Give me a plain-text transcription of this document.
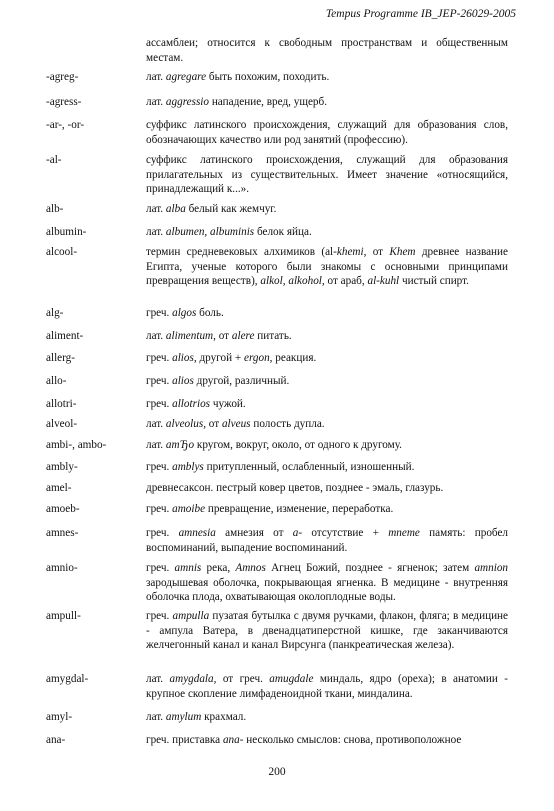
Tempus Programme IB_JEP-26029-2005
ассамблеи; относится к свободным пространствам и общественным местам.
-agreg-	лат. agregare быть похожим, походить.
-agress-	лат. aggressio нападение, вред, ущерб.
-ar-, -or-	суффикс латинского происхождения, служащий для образования слов, обозначающих качество или род занятий (профессию).
-al-	суффикс латинского происхождения, служащий для образования прилагательных из существительных. Имеет значение «относящийся, принадлежащий к...».
alb-	лат. alba белый как жемчуг.
albumin-	лат. albumen, albuminis белок яйца.
alcool-	термин средневековых алхимиков (al-khemi, от Khem древнее название Египта, ученые которого были знакомы с основными принципами превращения веществ), alkol, alkohol, от араб, al-kuhl чистый спирт.
alg-	греч. algos боль.
aliment-	лат. alimentum, от alere питать.
allerg-	греч. alios, другой + ergon, реакция.
allo-	греч. alios другой, различный.
allotri-	греч. allotrios чужой.
alveol-	лат. alveolus, от alveus полость дупла.
ambi-, ambo-	лат. amЂо кругом, вокруг, около, от одного к другому.
ambly-	греч. amblys притупленный, ослабленный, изношенный.
amel-	древнесаксон. пестрый ковер цветов, позднее - эмаль, глазурь.
amoeb-	греч. amoibe превращение, изменение, переработка.
amnes-	греч. amnesia амнезия от а- отсутствие + mneme память: пробел воспоминаний, выпадение воспоминаний.
amnio-	греч. amnis река, Amnos Агнец Божий, позднее - ягненок; затем amnion зародышевая оболочка, покрывающая ягненка. В медицине - внутренняя оболочка плода, охватывающая околоплодные воды.
ampull-	греч. ampulla пузатая бутылка с двумя ручками, флакон, фляга; в медицине - ампула Ватера, в двенадцатиперстной кишке, где заканчиваются желчегонный канал и канал Вирсунга (панкреатическая железа).
amygdal-	лат. amygdala, от греч. amugdale миндаль, ядро (ореха); в анатомии - крупное скопление лимфаденоидной ткани, миндалина.
amyl-	лат. amylum крахмал.
ana-	греч. приставка ana- несколько смыслов: снова, противоположное
200
